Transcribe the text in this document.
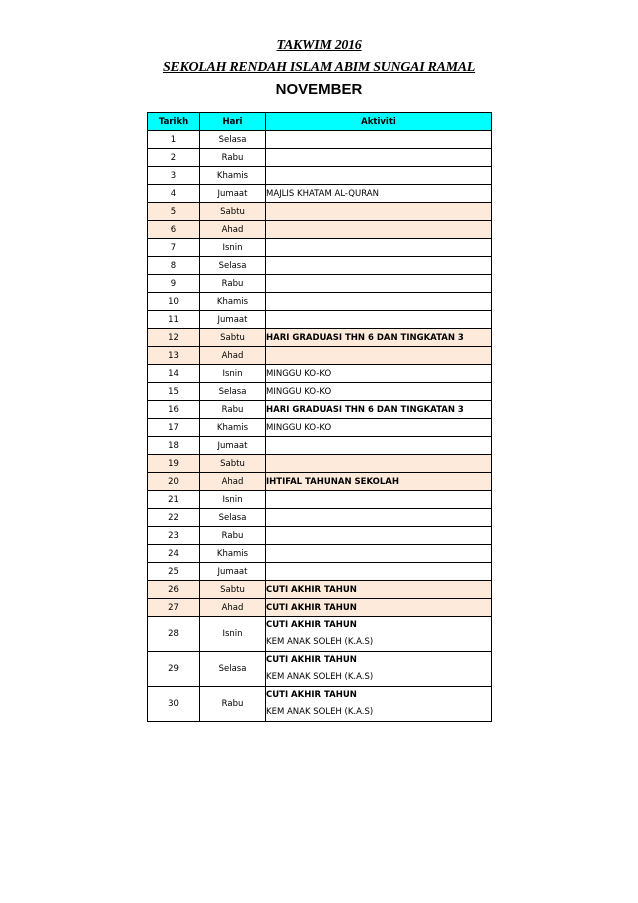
TAKWIM 2016
SEKOLAH RENDAH ISLAM ABIM SUNGAI RAMAL
NOVEMBER
Tarikh	Hari	Aktiviti
1	Selasa	
2	Rabu	
3	Khamis	
4	Jumaat	MAJLIS KHATAM AL-QURAN
5	Sabtu	
6	Ahad	
7	Isnin	
8	Selasa	
9	Rabu	
10	Khamis	
11	Jumaat	
12	Sabtu	HARI GRADUASI THN 6 DAN TINGKATAN 3
13	Ahad	
14	Isnin	MINGGU KO-KO
15	Selasa	MINGGU KO-KO
16	Rabu	HARI GRADUASI THN 6 DAN TINGKATAN 3
17	Khamis	MINGGU KO-KO
18	Jumaat	
19	Sabtu	
20	Ahad	IHTIFAL TAHUNAN SEKOLAH
21	Isnin	
22	Selasa	
23	Rabu	
24	Khamis	
25	Jumaat	
26	Sabtu	CUTI AKHIR TAHUN
27	Ahad	CUTI AKHIR TAHUN
28	Isnin	CUTI AKHIR TAHUN
KEM ANAK SOLEH (K.A.S)

29	Selasa	CUTI AKHIR TAHUN
KEM ANAK SOLEH (K.A.S)

30	Rabu	CUTI AKHIR TAHUN
KEM ANAK SOLEH (K.A.S)
